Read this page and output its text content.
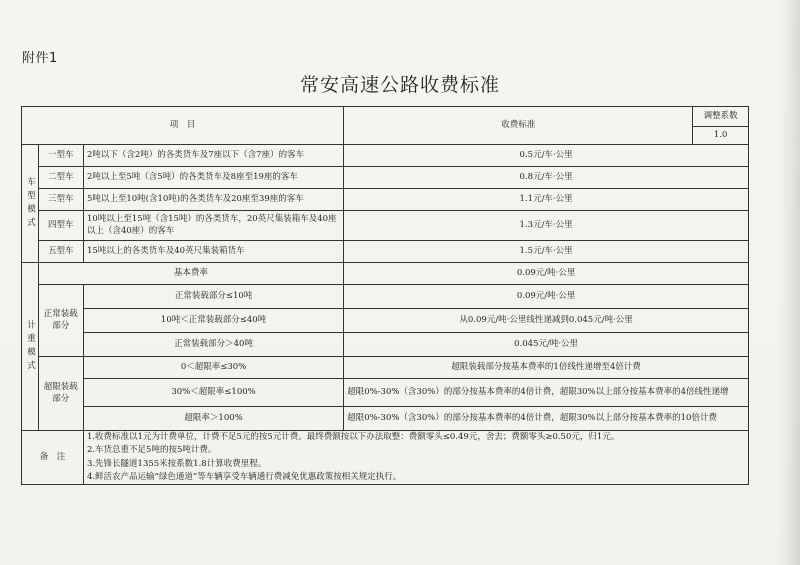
附件1
常安高速公路收费标准
项　目			收费标准	调整系数
				1.0
车型模式	一型车	2吨以下（含2吨）的各类货车及7座以下（含7座）的客车	0.5元/车·公里	
	二型车	2吨以上至5吨（含5吨）的各类货车及8座至19座的客车	0.8元/车·公里	
	三型车	5吨以上至10吨(含10吨)的各类货车及20座至39座的客车	1.1元/车·公里	
	四型车	10吨以上至15吨（含15吨）的各类货车，20英尺集装箱车及40座以上（含40座）的客车	1.3元/车·公里	
	五型车	15吨以上的各类货车及40英尺集装箱货车	1.5元/车·公里	
计重模式	基本费率		0.09元/吨·公里	
	正常装载部分	正常装载部分≤10吨	0.09元/吨·公里	
		10吨＜正常装载部分≤40吨	从0.09元/吨·公里线性递减到0.045元/吨·公里	
		正常装载部分＞40吨	0.045元/吨·公里	
	超限装载部分	0＜超限率≤30%	超限装载部分按基本费率的1倍线性递增至4倍计费	
		30%＜超限率≤100%	超限0%-30%（含30%）的部分按基本费率的4倍计费，超限30%以上部分按基本费率的4倍线性递增	
		超限率＞100%	超限0%-30%（含30%）的部分按基本费率的4倍计费，超限30%以上部分按基本费率的10倍计费	
备　注		1.收费标准以1元为计费单位，计费不足5元的按5元计费。最终费额按以下办法取整：费额零头≤0.49元，舍去；费额零头≥0.50元，归1元。
2.车货总重不足5吨的按5吨计费。
3.先锋长隧道1355米按系数1.8计算收费里程。
4.鲜活农产品运输“绿色通道”等车辆享受车辆通行费减免优惠政策按相关规定执行。		
